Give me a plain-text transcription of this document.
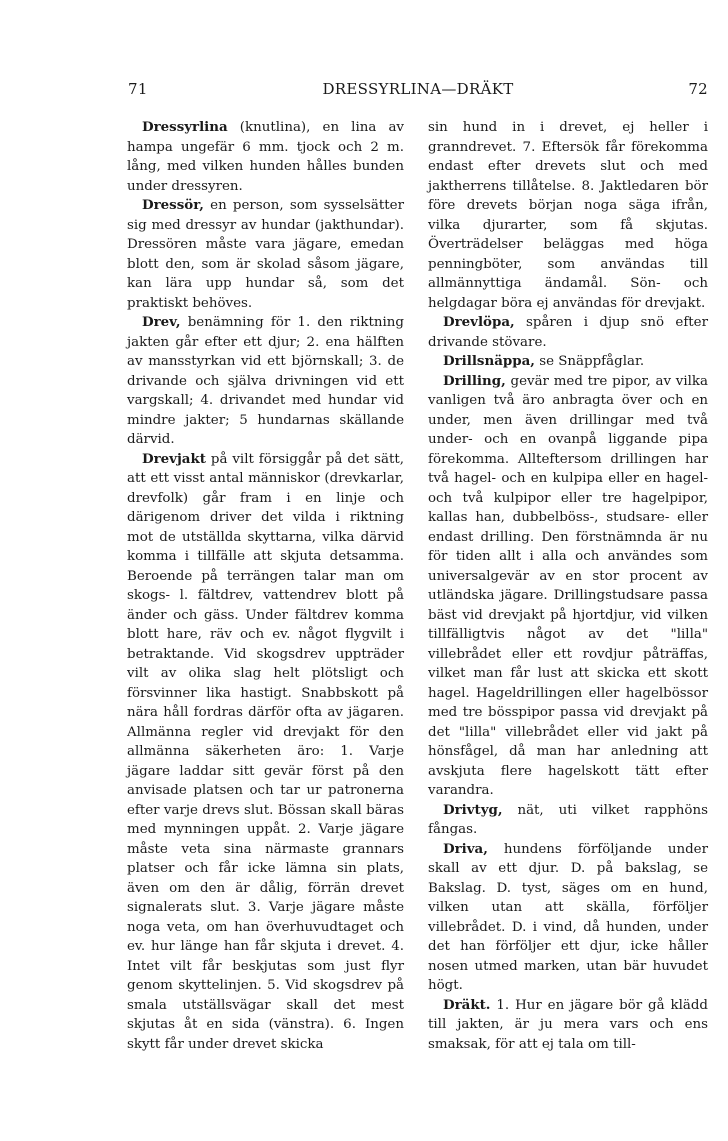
71	DRESSYRLINA—DRÄKT	72

Dressyrlina (knutlina), en lina av hampa ungefär 6 mm. tjock och 2 m. lång, med vilken hunden hålles bunden under dressyren.

Dressör, en person, som sysselsätter sig med dressyr av hundar (jakthundar). Dressören måste vara jägare, emedan blott den, som är skolad såsom jägare, kan lära upp hundar så, som det praktiskt behöves.

Drev, benämning för 1. den riktning jakten går efter ett djur; 2. ena hälften av mansstyrkan vid ett björnskall; 3. de drivande och själva drivningen vid ett vargskall; 4. drivandet med hundar vid mindre jakter; 5 hundarnas skällande därvid.

Drevjakt på vilt försiggår på det sätt, att ett visst antal människor (drevkarlar, drevfolk) går fram i en linje och därigenom driver det vilda i riktning mot de utställda skyttarna, vilka därvid komma i tillfälle att skjuta detsamma. Beroende på terrängen talar man om skogs- l. fältdrev, vattendrev blott på änder och gäss. Under fältdrev komma blott hare, räv och ev. något flygvilt i betraktande. Vid skogsdrev uppträder vilt av olika slag helt plötsligt och försvinner lika hastigt. Snabbskott på nära håll fordras därför ofta av jägaren. Allmänna regler vid drevjakt för den allmänna säkerheten äro: 1. Varje jägare laddar sitt gevär först på den anvisade platsen och tar ur patronerna efter varje drevs slut. Bössan skall bäras med mynningen uppåt. 2. Varje jägare måste veta sina närmaste grannars platser och får icke lämna sin plats, även om den är dålig, förrän drevet signalerats slut. 3. Varje jägare måste noga veta, om han överhuvudtaget och ev. hur länge han får skjuta i drevet. 4. Intet vilt får beskjutas som just flyr genom skyttelinjen. 5. Vid skogsdrev på smala utställsvägar skall det mest skjutas åt en sida (vänstra). 6. Ingen skytt får under drevet skicka

sin hund in i drevet, ej heller i granndrevet. 7. Eftersök får förekomma endast efter drevets slut och med jaktherrens tillåtelse. 8. Jaktledaren bör före drevets början noga säga ifrån, vilka djurarter, som få skjutas. Överträdelser beläggas med höga penningböter, som användas till allmännyttiga ändamål. Sön- och helgdagar böra ej användas för drevjakt.

Drevlöpa, spåren i djup snö efter drivande stövare.

Drillsnäppa, se Snäppfåglar.

Drilling, gevär med tre pipor, av vilka vanligen två äro anbragta över och en under, men även drillingar med två under- och en ovanpå liggande pipa förekomma. Allteftersom drillingen har två hagel- och en kulpipa eller en hagel- och två kulpipor eller tre hagelpipor, kallas han, dubbelböss-, studsare- eller endast drilling. Den förstnämnda är nu för tiden allt i alla och användes som universalgevär av en stor procent av utländska jägare. Drillingstudsare passa bäst vid drevjakt på hjortdjur, vid vilken tillfälligtvis något av det "lilla" villebrådet eller ett rovdjur påträffas, vilket man får lust att skicka ett skott hagel. Hageldrillingen eller hagelbössor med tre bösspipor passa vid drevjakt på det "lilla" villebrådet eller vid jakt på hönsfågel, då man har anledning att avskjuta flere hagelskott tätt efter varandra.

Drivtyg, nät, uti vilket rapphöns fångas.

Driva, hundens förföljande under skall av ett djur. D. på bakslag, se Bakslag. D. tyst, säges om en hund, vilken utan att skälla, förföljer villebrådet. D. i vind, då hunden, under det han förföljer ett djur, icke håller nosen utmed marken, utan bär huvudet högt.

Dräkt. 1. Hur en jägare bör gå klädd till jakten, är ju mera vars och ens smaksak, för att ej tala om till-
